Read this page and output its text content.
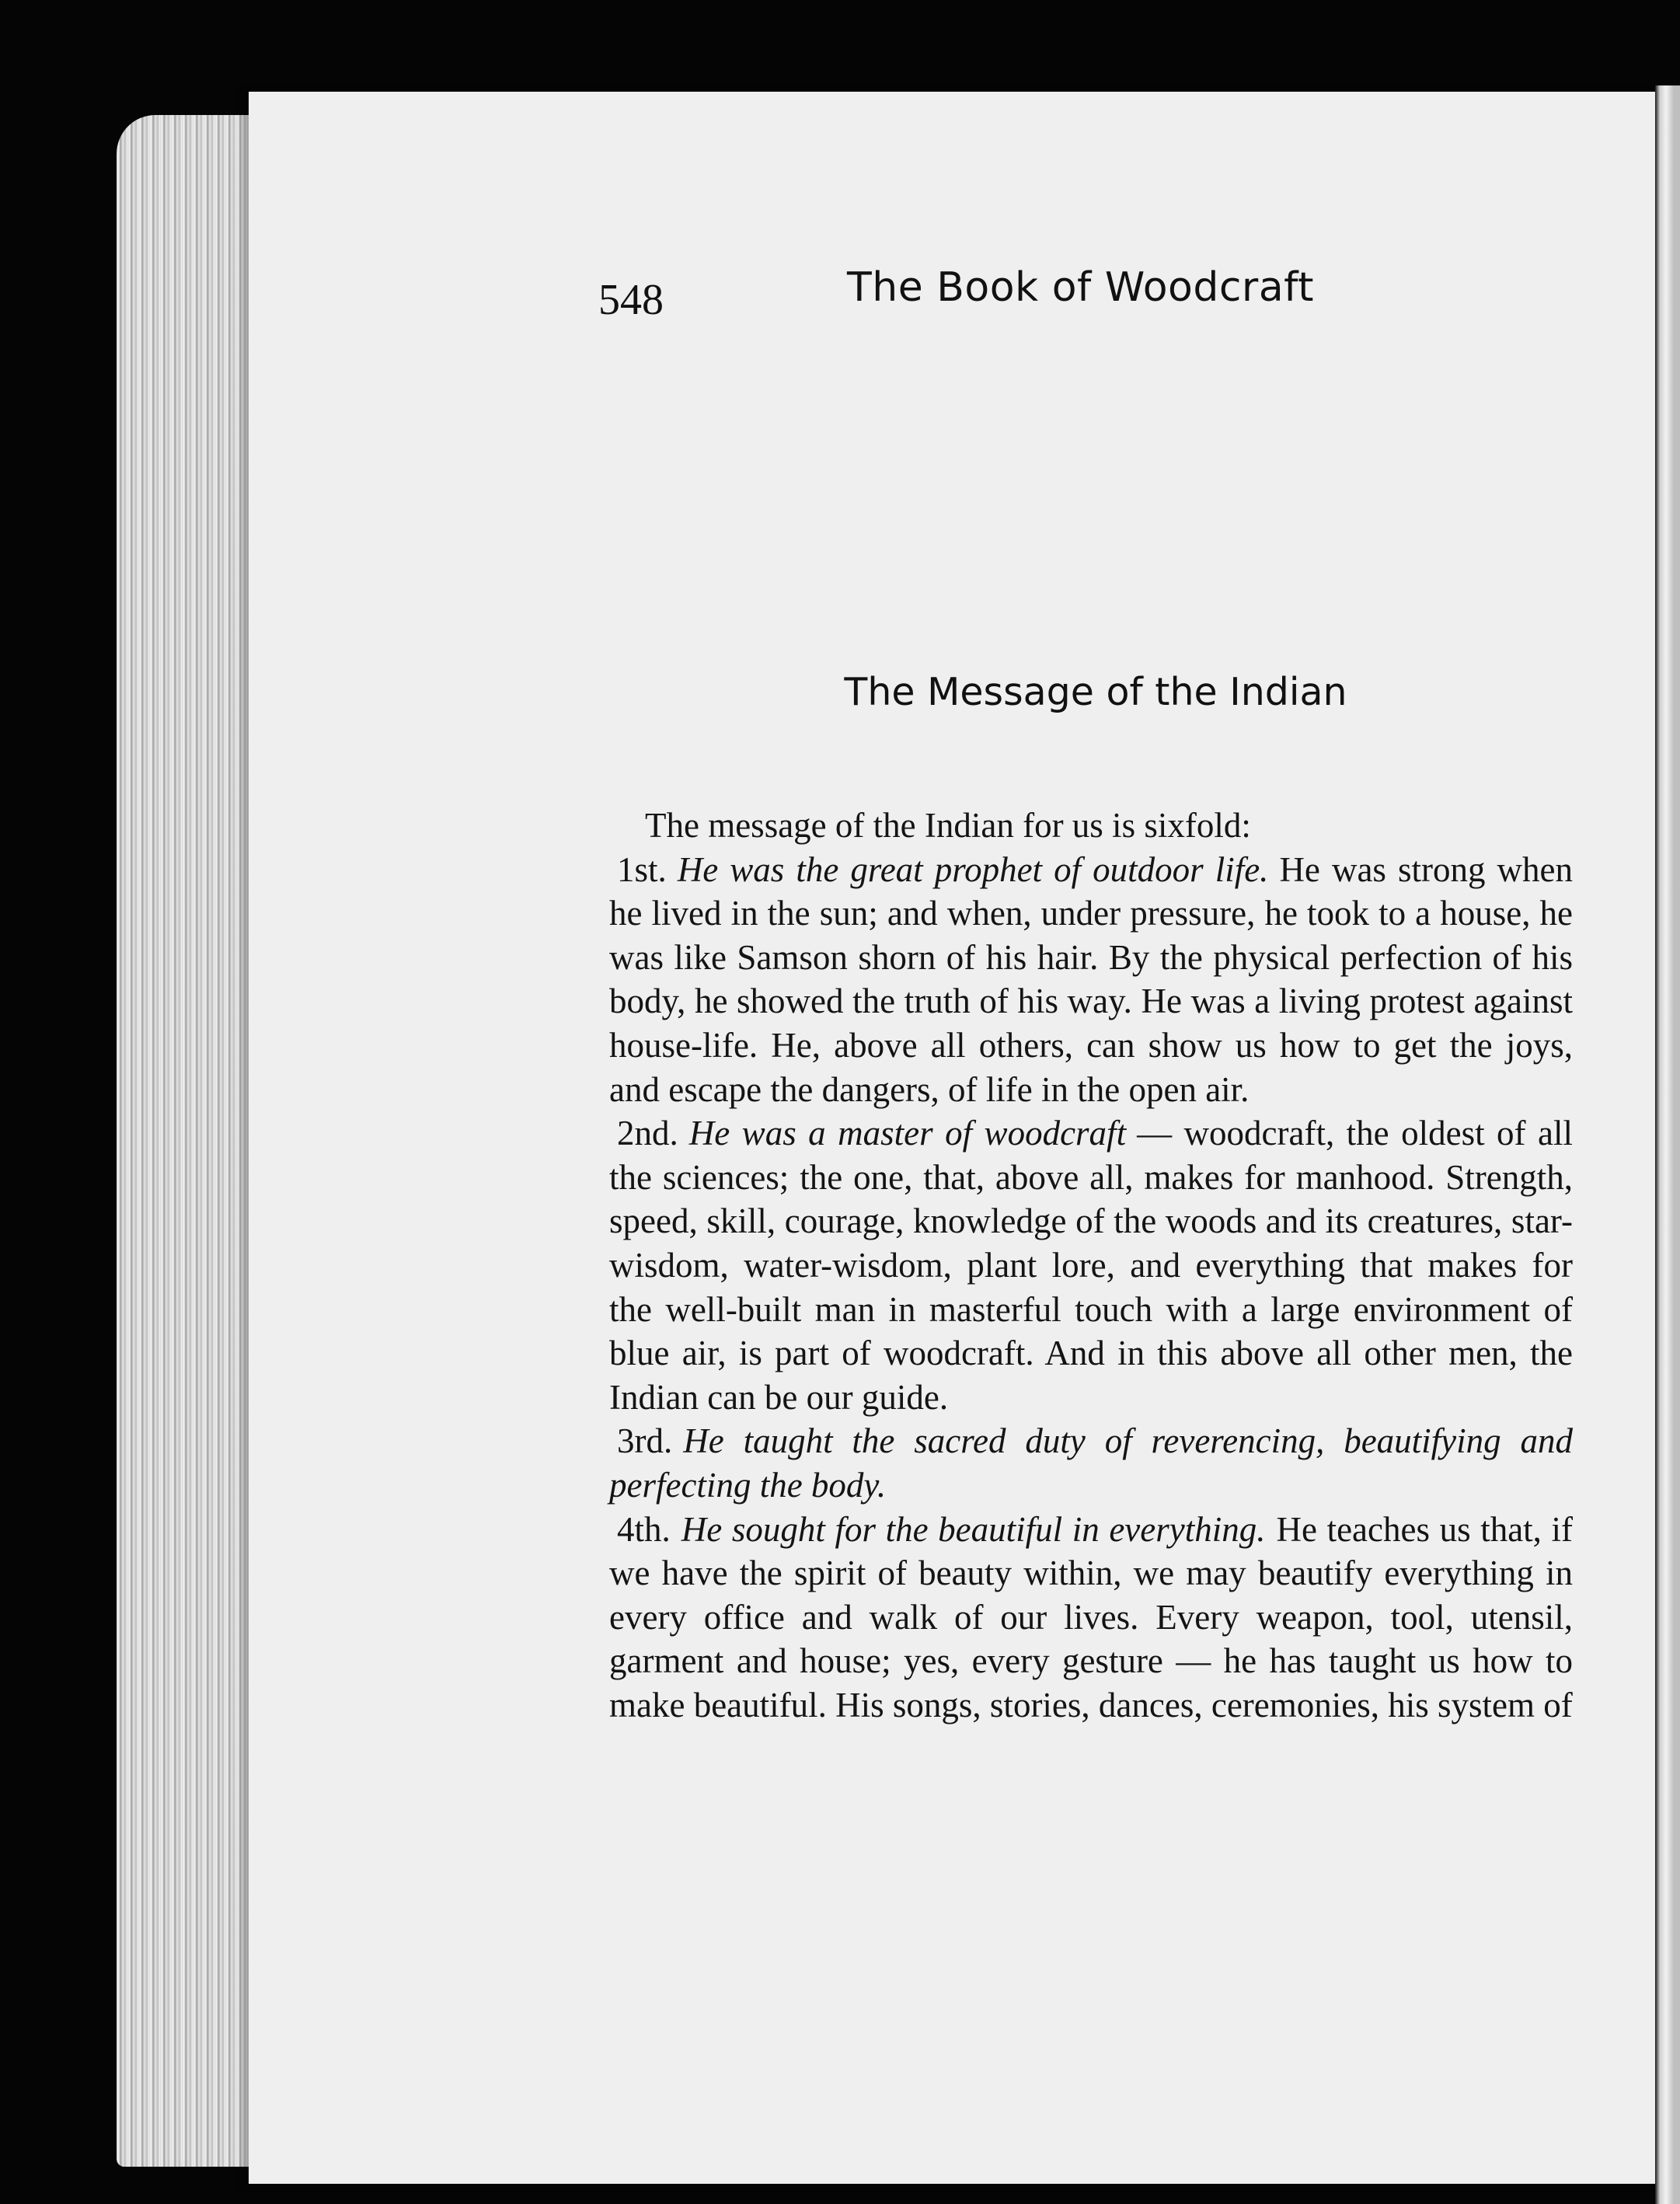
548	The Book of Woodcraft
The Message of the Indian

The message of the Indian for us is sixfold:

1st. He was the great prophet of outdoor life. He was strong when he lived in the sun; and when, under pressure, he took to a house, he was like Samson shorn of his hair. By the physical perfection of his body, he showed the truth of his way. He was a living protest against house-life. He, above all others, can show us how to get the joys, and escape the dangers, of life in the open air.

2nd. He was a master of woodcraft — woodcraft, the oldest of all the sciences; the one, that, above all, makes for manhood. Strength, speed, skill, courage, knowledge of the woods and its creatures, star-wisdom, water-wisdom, plant lore, and everything that makes for the well-built man in masterful touch with a large environment of blue air, is part of woodcraft. And in this above all other men, the Indian can be our guide.

3rd. He taught the sacred duty of reverencing, beautifying and perfecting the body.

4th. He sought for the beautiful in everything. He teaches us that, if we have the spirit of beauty within, we may beautify everything in every office and walk of our lives. Every weapon, tool, utensil, garment and house; yes, every gesture — he has taught us how to make beautiful. His songs, stories, dances, ceremonies, his system of
